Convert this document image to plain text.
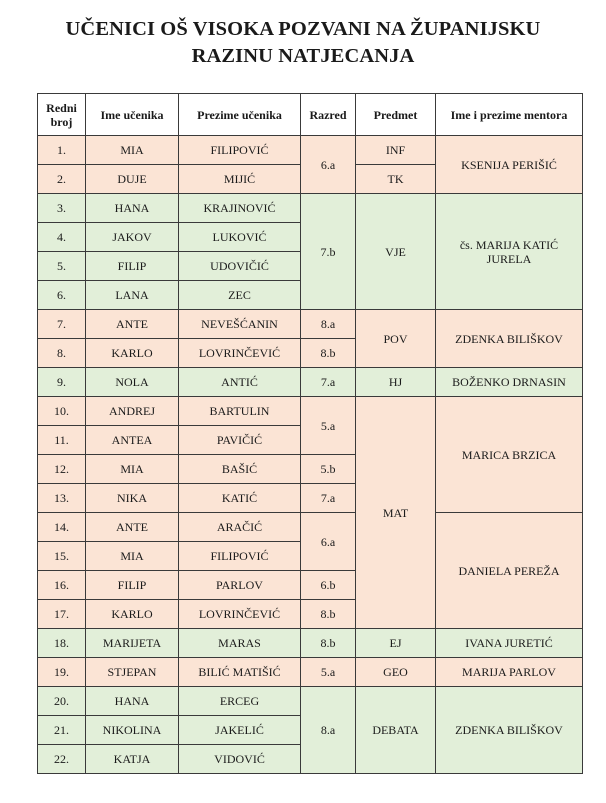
UČENICI OŠ VISOKA POZVANI NA ŽUPANIJSKU
RAZINU NATJECANJA
Redni broj	Ime učenika	Prezime učenika	Razred	Predmet	Ime i prezime mentora
1.	MIA	FILIPOVIĆ	6.a	INF	KSENIJA PERIŠIĆ
2.	DUJE	MIJIĆ		TK	
3.	HANA	KRAJINOVIĆ	7.b	VJE	čs. MARIJA KATIĆ JURELA
4.	JAKOV	LUKOVIĆ			
5.	FILIP	UDOVIČIĆ			
6.	LANA	ZEC			
7.	ANTE	NEVEŠĆANIN	8.a	POV	ZDENKA BILIŠKOV
8.	KARLO	LOVRINČEVIĆ	8.b		
9.	NOLA	ANTIĆ	7.a	HJ	BOŽENKO DRNASIN
10.	ANDREJ	BARTULIN	5.a	MAT	MARICA BRZICA
11.	ANTEA	PAVIČIĆ			
12.	MIA	BAŠIĆ	5.b		
13.	NIKA	KATIĆ	7.a		
14.	ANTE	ARAČIĆ	6.a		DANIELA PEREŽA
15.	MIA	FILIPOVIĆ			
16.	FILIP	PARLOV	6.b		
17.	KARLO	LOVRINČEVIĆ	8.b		
18.	MARIJETA	MARAS	8.b	EJ	IVANA JURETIĆ
19.	STJEPAN	BILIĆ MATIŠIĆ	5.a	GEO	MARIJA PARLOV
20.	HANA	ERCEG	8.a	DEBATA	ZDENKA BILIŠKOV
21.	NIKOLINA	JAKELIĆ			
22.	KATJA	VIDOVIĆ			
